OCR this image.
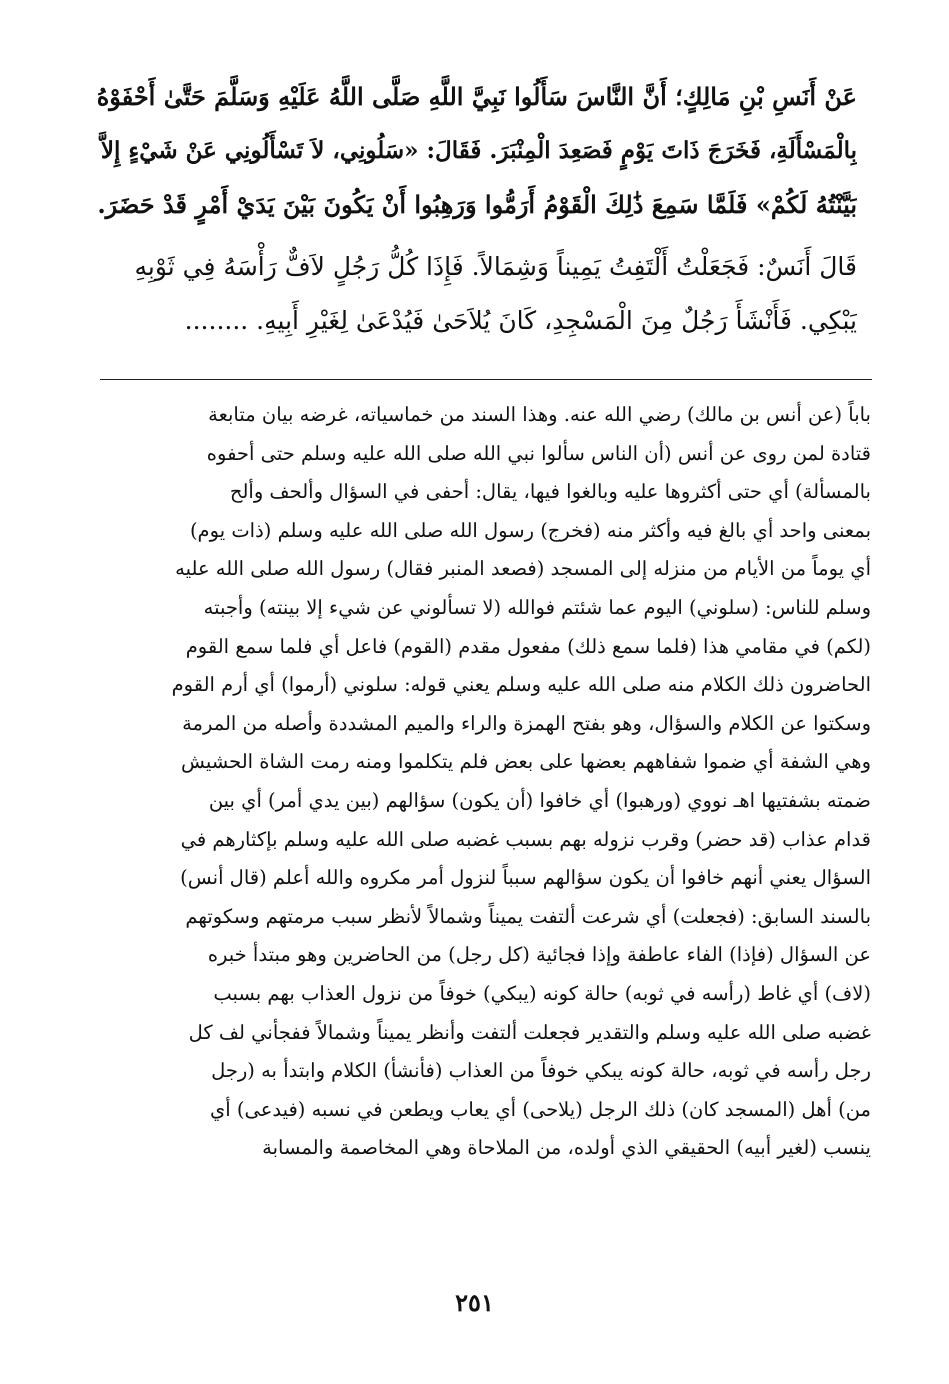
عَنْ أَنَسِ بْنِ مَالِكٍ؛ أَنَّ النَّاسَ سَأَلُوا نَبِيَّ اللَّهِ صَلَّى اللَّهُ عَلَيْهِ وَسَلَّمَ حَتَّىٰ أَحْفَوْهُ
بِالْمَسْأَلَةِ، فَخَرَجَ ذَاتَ يَوْمٍ فَصَعِدَ الْمِنْبَرَ. فَقَالَ: «سَلُونِي، لاَ تَسْأَلُونِي عَنْ شَيْءٍ إِلاَّ
بَيَّنْتُهُ لَكُمْ» فَلَمَّا سَمِعَ ذَٰلِكَ الْقَوْمُ أَرَمُّوا وَرَهِبُوا أَنْ يَكُونَ بَيْنَ يَدَيْ أَمْرٍ قَدْ حَضَرَ.
قَالَ أَنَسٌ: فَجَعَلْتُ أَلْتَفِتُ يَمِيناً وَشِمَالاً. فَإِذَا كُلُّ رَجُلٍ لاَفٌّ رَأْسَهُ فِي ثَوْبِهِ
يَبْكِي. فَأَنْشَأَ رَجُلٌ مِنَ الْمَسْجِدِ، كَانَ يُلاَحَىٰ فَيُدْعَىٰ لِغَيْرِ أَبِيهِ. ........
باباً (عن أنس بن مالك) رضي الله عنه. وهذا السند من خماسياته، غرضه بيان متابعة
قتادة لمن روى عن أنس (أن الناس سألوا نبي الله صلى الله عليه وسلم حتى أحفوه
بالمسألة) أي حتى أكثروها عليه وبالغوا فيها، يقال: أحفى في السؤال وألحف وألح
بمعنى واحد أي بالغ فيه وأكثر منه (فخرج) رسول الله صلى الله عليه وسلم (ذات يوم)
أي يوماً من الأيام من منزله إلى المسجد (فصعد المنبر فقال) رسول الله صلى الله عليه
وسلم للناس: (سلوني) اليوم عما شئتم فوالله (لا تسألوني عن شيء إلا بينته) وأجبته
(لكم) في مقامي هذا (فلما سمع ذلك) مفعول مقدم (القوم) فاعل أي فلما سمع القوم
الحاضرون ذلك الكلام منه صلى الله عليه وسلم يعني قوله: سلوني (أرموا) أي أرم القوم
وسكتوا عن الكلام والسؤال، وهو بفتح الهمزة والراء والميم المشددة وأصله من المرمة
وهي الشفة أي ضموا شفاههم بعضها على بعض فلم يتكلموا ومنه رمت الشاة الحشيش
ضمته بشفتيها اهـ نووي (ورهبوا) أي خافوا (أن يكون) سؤالهم (بين يدي أمر) أي بين
قدام عذاب (قد حضر) وقرب نزوله بهم بسبب غضبه صلى الله عليه وسلم بإكثارهم في
السؤال يعني أنهم خافوا أن يكون سؤالهم سبباً لنزول أمر مكروه والله أعلم (قال أنس)
بالسند السابق: (فجعلت) أي شرعت ألتفت يميناً وشمالاً لأنظر سبب مرمتهم وسكوتهم
عن السؤال (فإذا) الفاء عاطفة وإذا فجائية (كل رجل) من الحاضرين وهو مبتدأ خبره
(لاف) أي غاط (رأسه في ثوبه) حالة كونه (يبكي) خوفاً من نزول العذاب بهم بسبب
غضبه صلى الله عليه وسلم والتقدير فجعلت ألتفت وأنظر يميناً وشمالاً ففجأني لف كل
رجل رأسه في ثوبه، حالة كونه يبكي خوفاً من العذاب (فأنشأ) الكلام وابتدأ به (رجل
من) أهل (المسجد كان) ذلك الرجل (يلاحى) أي يعاب ويطعن في نسبه (فيدعى) أي
ينسب (لغير أبيه) الحقيقي الذي أولده، من الملاحاة وهي المخاصمة والمسابة
٢٥١
